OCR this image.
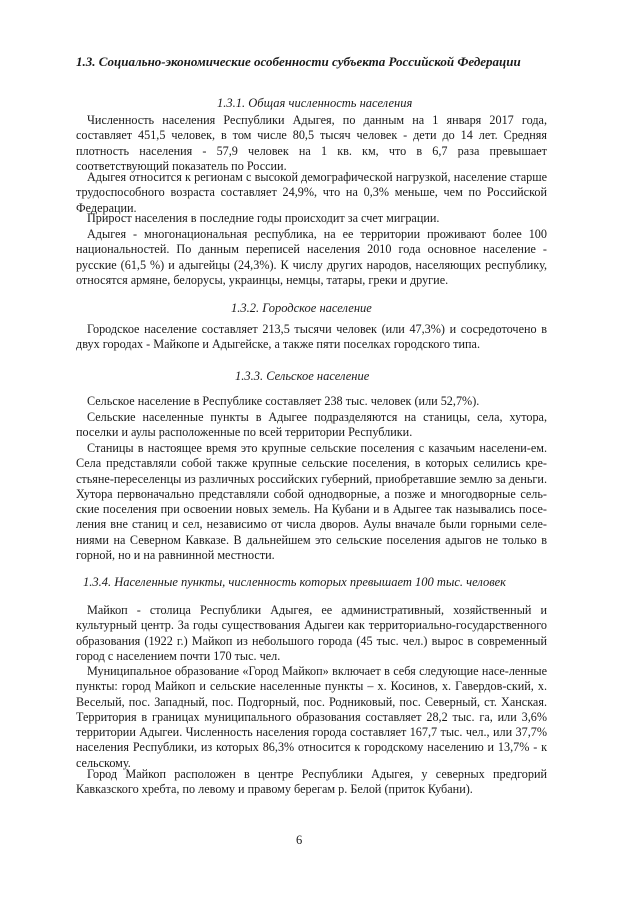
1.3. Социально-экономические особенности субъекта Российской Федерации
1.3.1. Общая численность населения

Численность населения Республики Адыгея, по данным на 1 января 2017 года, составляет 451,5 человек, в том числе 80,5 тысяч человек - дети до 14 лет. Средняя плотность населения - 57,9 человек на 1 кв. км, что в 6,7 раза превышает соответствующий показатель по России.

Адыгея относится к регионам с высокой демографической нагрузкой, население старше трудоспособного возраста составляет 24,9%, что на 0,3% меньше, чем по Российской Федерации.

Прирост населения в последние годы происходит за счет миграции.

Адыгея - многонациональная республика, на ее территории проживают более 100 национальностей. По данным переписей населения 2010 года основное население - русские (61,5 %) и адыгейцы (24,3%). К числу других народов, населяющих республику, относятся армяне, белорусы, украинцы, немцы, татары, греки и другие.

1.3.2. Городское население

Городское население составляет 213,5 тысячи человек (или 47,3%) и сосредоточено в двух городах - Майкопе и Адыгейске, а также пяти поселках городского типа.

1.3.3. Сельское население

Сельское население в Республике составляет 238 тыс. человек (или 52,7%).

Сельские населенные пункты в Адыгее подразделяются на станицы, села, хутора, поселки и аулы расположенные по всей территории Республики.

Станицы в настоящее время это крупные сельские поселения с казачьим населени-ем. Села представляли собой также крупные сельские поселения, в которых селились кре-стьяне-переселенцы из различных российских губерний, приобретавшие землю за деньги. Хутора первоначально представляли собой однодворные, а позже и многодворные сель-ские поселения при освоении новых земель. На Кубани и в Адыгее так назывались посе-ления вне станиц и сел, независимо от числа дворов. Аулы вначале были горными селе-ниями на Северном Кавказе. В дальнейшем это сельские поселения адыгов не только в горной, но и на равнинной местности.

1.3.4. Населенные пункты, численность которых превышает 100 тыс. человек

Майкоп - столица Республики Адыгея, ее административный, хозяйственный и культурный центр. За годы существования Адыгеи как территориально-государственного образования (1922 г.) Майкоп из небольшого города (45 тыс. чел.) вырос в современный город с населением почти 170 тыс. чел.

Муниципальное образование «Город Майкоп» включает в себя следующие насе-ленные пункты: город Майкоп и сельские населенные пункты – х. Косинов, х. Гавердов-ский, х. Веселый, пос. Западный, пос. Подгорный, пос. Родниковый, пос. Северный, ст. Ханская. Территория в границах муниципального образования составляет 28,2 тыс. га, или 3,6% территории Адыгеи. Численность населения города составляет 167,7 тыс. чел., или 37,7% населения Республики, из которых 86,3% относится к городскому населению и 13,7% - к сельскому.

Город Майкоп расположен в центре Республики Адыгея, у северных предгорий Кавказского хребта, по левому и правому берегам р. Белой (приток Кубани).

6
